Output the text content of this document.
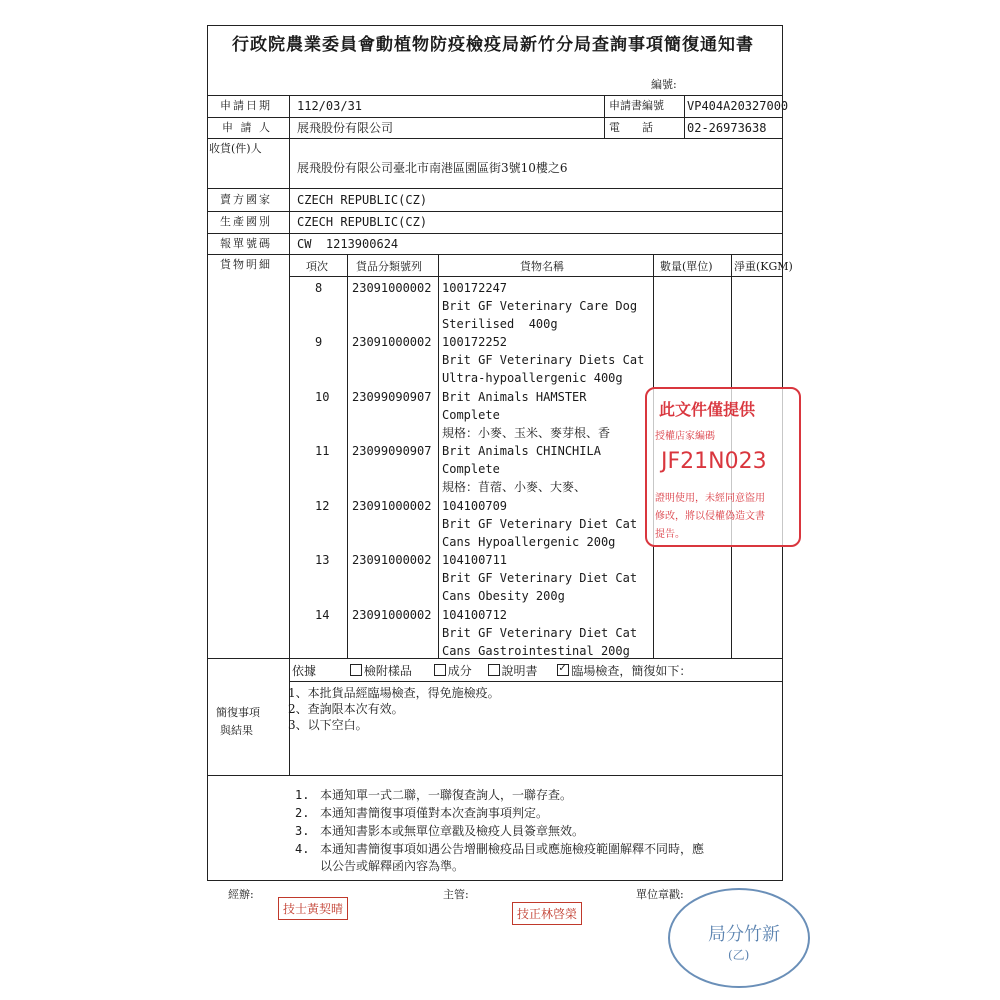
行政院農業委員會動植物防疫檢疫局新竹分局查詢事項簡復通知書
編號:
申請日期 112/03/31	申請書編號 VP404A20327000
申 請 人 展飛股份有限公司	電　　話	02-26973638
收貨(件)人
展飛股份有限公司臺北市南港區園區街3號10樓之6
賣方國家 CZECH REPUBLIC(CZ)
生產國別 CZECH REPUBLIC(CZ)
報單號碼 CW  1213900624
貨物明細	項次	貨品分類號列	貨物名稱	數量(單位) 淨重(KGM)
8 23091000002 100172247
Brit GF Veterinary Care Dog
Sterilised  400g
9 23091000002 100172252
Brit GF Veterinary Diets Cat
Ultra-hypoallergenic 400g
10 23099090907 Brit Animals HAMSTER
Complete
規格：小麥、玉米、麥芽根、香
11 23099090907 Brit Animals CHINCHILA
Complete
規格：苜蓿、小麥、大麥、
12 23091000002 104100709
Brit GF Veterinary Diet Cat
Cans Hypoallergenic 200g
13 23091000002 104100711
Brit GF Veterinary Diet Cat
Cans Obesity 200g
14 23091000002 104100712
Brit GF Veterinary Diet Cat
Cans Gastrointestinal 200g
簡復事項
與結果
依據	檢附樣品	成分 說明書 ✓	臨場檢查，簡復如下：
1、本批貨品經臨場檢查，得免施檢疫。
2、查詢限本次有效。
3、以下空白。
1. 本通知單一式二聯，一聯復查詢人，一聯存查。
2. 本通知書簡復事項僅對本次查詢事項判定。
3. 本通知書影本或無單位章戳及檢疫人員簽章無效。
4. 本通知書簡復事項如遇公告增刪檢疫品目或應施檢疫範圍解釋不同時，應
以公告或解釋函內容為準。
經辦:
技士黃契晴
主管:
技正林啓榮
單位章戳:
局分竹新
(乙)
此文件僅提供
授權店家編碼
JF21N023
證明使用，未經同意盜用
修改，將以侵權偽造文書
提告。
